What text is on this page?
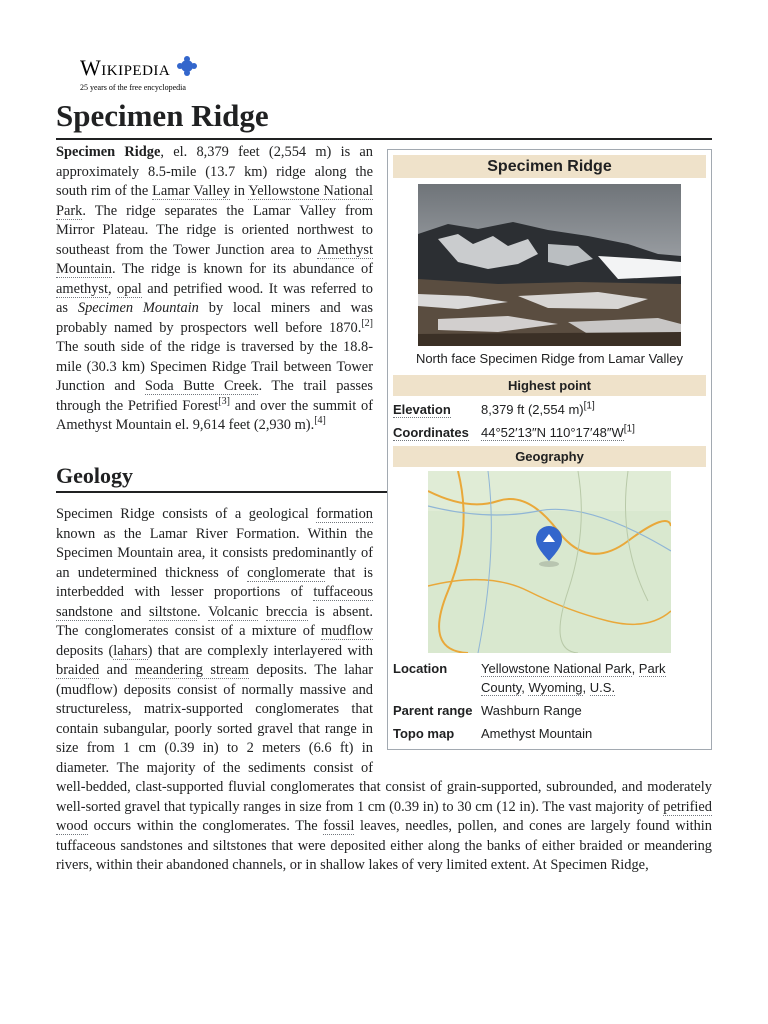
Wikipedia
25 years of the free encyclopedia
Specimen Ridge
Specimen Ridge
North face Specimen Ridge from Lamar Valley
Highest point
Elevation	8,379 ft (2,554 m)[1]
Coordinates 44°52′13″N 110°17′48″W[1]
Geography
Location	Yellowstone National Park, Park County, Wyoming, U.S.
Parent range Washburn Range
Topo map	Amethyst Mountain

Specimen Ridge, el. 8,379 feet (2,554 m) is an approximately 8.5-mile (13.7 km) ridge along the south rim of the Lamar Valley in Yellowstone National Park. The ridge separates the Lamar Valley from Mirror Plateau. The ridge is oriented northwest to southeast from the Tower Junction area to Amethyst Mountain. The ridge is known for its abundance of amethyst, opal and petrified wood. It was referred to as Specimen Mountain by local miners and was probably named by prospectors well before 1870.[2] The south side of the ridge is traversed by the 18.8-mile (30.3 km) Specimen Ridge Trail between Tower Junction and Soda Butte Creek. The trail passes through the Petrified Forest[3] and over the summit of Amethyst Mountain el. 9,614 feet (2,930 m).[4]

Geology

Specimen Ridge consists of a geological formation known as the Lamar River Formation. Within the Specimen Mountain area, it consists predominantly of an undetermined thickness of conglomerate that is interbedded with lesser proportions of tuffaceous sandstone and siltstone. Volcanic breccia is absent. The conglomerates consist of a mixture of mudflow deposits (lahars) that are complexly interlayered with braided and meandering stream deposits. The lahar (mudflow) deposits consist of normally massive and structureless, matrix-supported conglomerates that contain subangular, poorly sorted gravel that range in size from 1 cm (0.39 in) to 2 meters (6.6 ft) in diameter. The majority of the sediments consist of well-bedded, clast-supported fluvial conglomerates that consist of grain-supported, subrounded, and moderately well-sorted gravel that typically ranges in size from 1 cm (0.39 in) to 30 cm (12 in). The vast majority of petrified wood occurs within the conglomerates. The fossil leaves, needles, pollen, and cones are largely found within tuffaceous sandstones and siltstones that were deposited either along the banks of either braided or meandering rivers, within their abandoned channels, or in shallow lakes of very limited extent. At Specimen Ridge,
